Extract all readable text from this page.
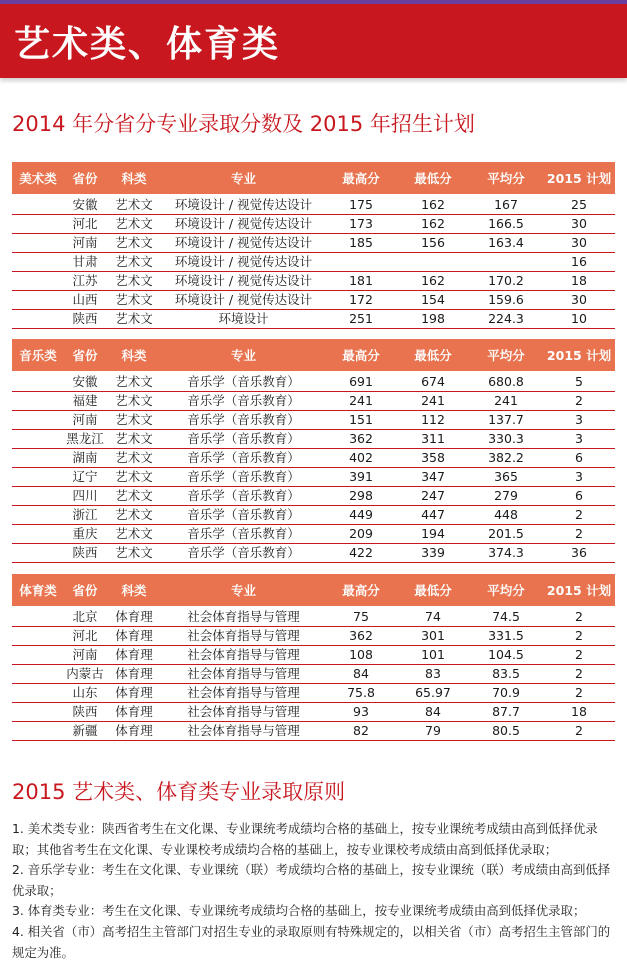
艺术类、体育类
2014 年分省分专业录取分数及 2015 年招生计划
美术类	省份	科类	专业	最高分	最低分	平均分	2015 计划
	安徽	艺术文	环境设计 / 视觉传达设计	175	162	167	25
	河北	艺术文	环境设计 / 视觉传达设计	173	162	166.5	30
	河南	艺术文	环境设计 / 视觉传达设计	185	156	163.4	30
	甘肃	艺术文	环境设计 / 视觉传达设计				16
	江苏	艺术文	环境设计 / 视觉传达设计	181	162	170.2	18
	山西	艺术文	环境设计 / 视觉传达设计	172	154	159.6	30
	陕西	艺术文	环境设计	251	198	224.3	10
音乐类	省份	科类	专业	最高分	最低分	平均分	2015 计划
	安徽	艺术文	音乐学（音乐教育）	691	674	680.8	5
	福建	艺术文	音乐学（音乐教育）	241	241	241	2
	河南	艺术文	音乐学（音乐教育）	151	112	137.7	3
	黑龙江	艺术文	音乐学（音乐教育）	362	311	330.3	3
	湖南	艺术文	音乐学（音乐教育）	402	358	382.2	6
	辽宁	艺术文	音乐学（音乐教育）	391	347	365	3
	四川	艺术文	音乐学（音乐教育）	298	247	279	6
	浙江	艺术文	音乐学（音乐教育）	449	447	448	2
	重庆	艺术文	音乐学（音乐教育）	209	194	201.5	2
	陕西	艺术文	音乐学（音乐教育）	422	339	374.3	36
体育类	省份	科类	专业	最高分	最低分	平均分	2015 计划
	北京	体育理	社会体育指导与管理	75	74	74.5	2
	河北	体育理	社会体育指导与管理	362	301	331.5	2
	河南	体育理	社会体育指导与管理	108	101	104.5	2
	内蒙古	体育理	社会体育指导与管理	84	83	83.5	2
	山东	体育理	社会体育指导与管理	75.8	65.97	70.9	2
	陕西	体育理	社会体育指导与管理	93	84	87.7	18
	新疆	体育理	社会体育指导与管理	82	79	80.5	2
2015 艺术类、体育类专业录取原则

1. 美术类专业：陕西省考生在文化课、专业课统考成绩均合格的基础上，按专业课统考成绩由高到低择优录取；其他省考生在文化课、专业课校考成绩均合格的基础上，按专业课校考成绩由高到低择优录取；

2. 音乐学专业：考生在文化课、专业课统（联）考成绩均合格的基础上，按专业课统（联）考成绩由高到低择优录取；

3. 体育类专业：考生在文化课、专业课统考成绩均合格的基础上，按专业课统考成绩由高到低择优录取；

4. 相关省（市）高考招生主管部门对招生专业的录取原则有特殊规定的，以相关省（市）高考招生主管部门的规定为准。
